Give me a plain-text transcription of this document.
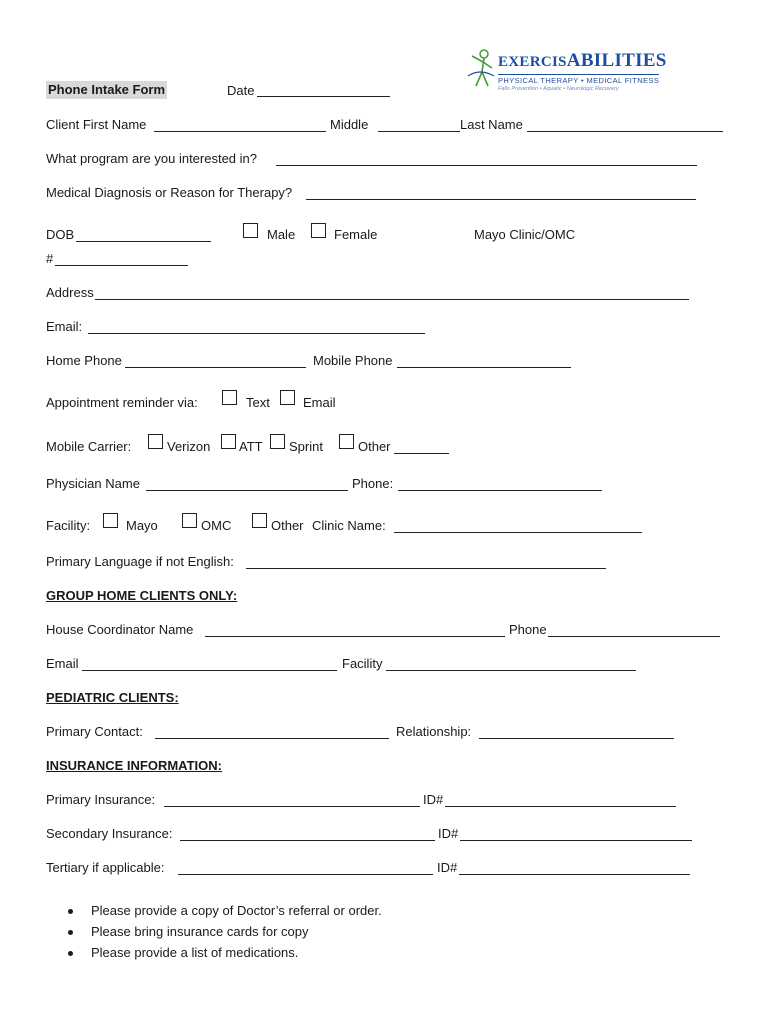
EXERCISABILITIES
PHYSICAL THERAPY • MEDICAL FITNESS
Falls Prevention • Aquatic • Neurologic Recovery
Phone Intake Form	Date
Client First Name	Middle	Last Name
What program are you interested in?
Medical Diagnosis or Reason for Therapy?
DOB	Male	Female	Mayo Clinic/OMC
#
Address
Email:
Home Phone	Mobile Phone
Appointment reminder via:	Text	Email
Mobile Carrier:	Verizon ATT Sprint	Other
Physician Name	Phone:
Facility:	Mayo	OMC	Other Clinic Name:
Primary Language if not English:
GROUP HOME CLIENTS ONLY:
House Coordinator Name	Phone
Email	Facility
PEDIATRIC CLIENTS:
Primary Contact:	Relationship:
INSURANCE INFORMATION:
Primary Insurance:	ID#
Secondary Insurance:	ID#
Tertiary if applicable:	ID#
Please provide a copy of Doctor’s referral or order.
Please bring insurance cards for copy
Please provide a list of medications.
